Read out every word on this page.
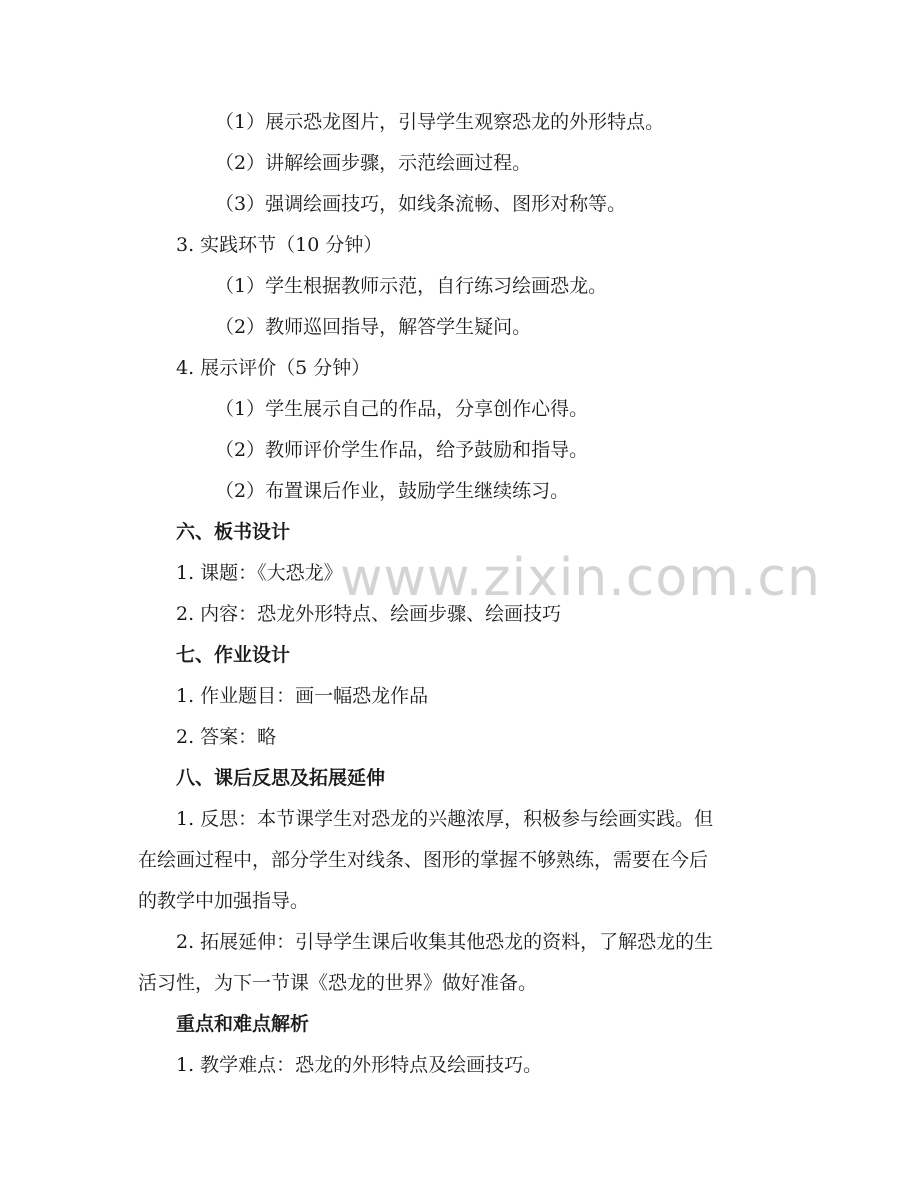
（1）展示恐龙图片，引导学生观察恐龙的外形特点。
（2）讲解绘画步骤，示范绘画过程。
（3）强调绘画技巧，如线条流畅、图形对称等。
3. 实践环节（10 分钟）
（1）学生根据教师示范，自行练习绘画恐龙。
（2）教师巡回指导，解答学生疑问。
4. 展示评价（5 分钟）
（1）学生展示自己的作品，分享创作心得。
（2）教师评价学生作品，给予鼓励和指导。
（2）布置课后作业，鼓励学生继续练习。
六、板书设计
1. 课题：《大恐龙》
2. 内容：恐龙外形特点、绘画步骤、绘画技巧
七、作业设计
1. 作业题目：画一幅恐龙作品
2. 答案：略
八、课后反思及拓展延伸
1. 反思：本节课学生对恐龙的兴趣浓厚，积极参与绘画实践。但
在绘画过程中，部分学生对线条、图形的掌握不够熟练，需要在今后
的教学中加强指导。
2. 拓展延伸：引导学生课后收集其他恐龙的资料，了解恐龙的生
活习性，为下一节课《恐龙的世界》做好准备。
重点和难点解析
1. 教学难点：恐龙的外形特点及绘画技巧。
www.zixin.com.cn
